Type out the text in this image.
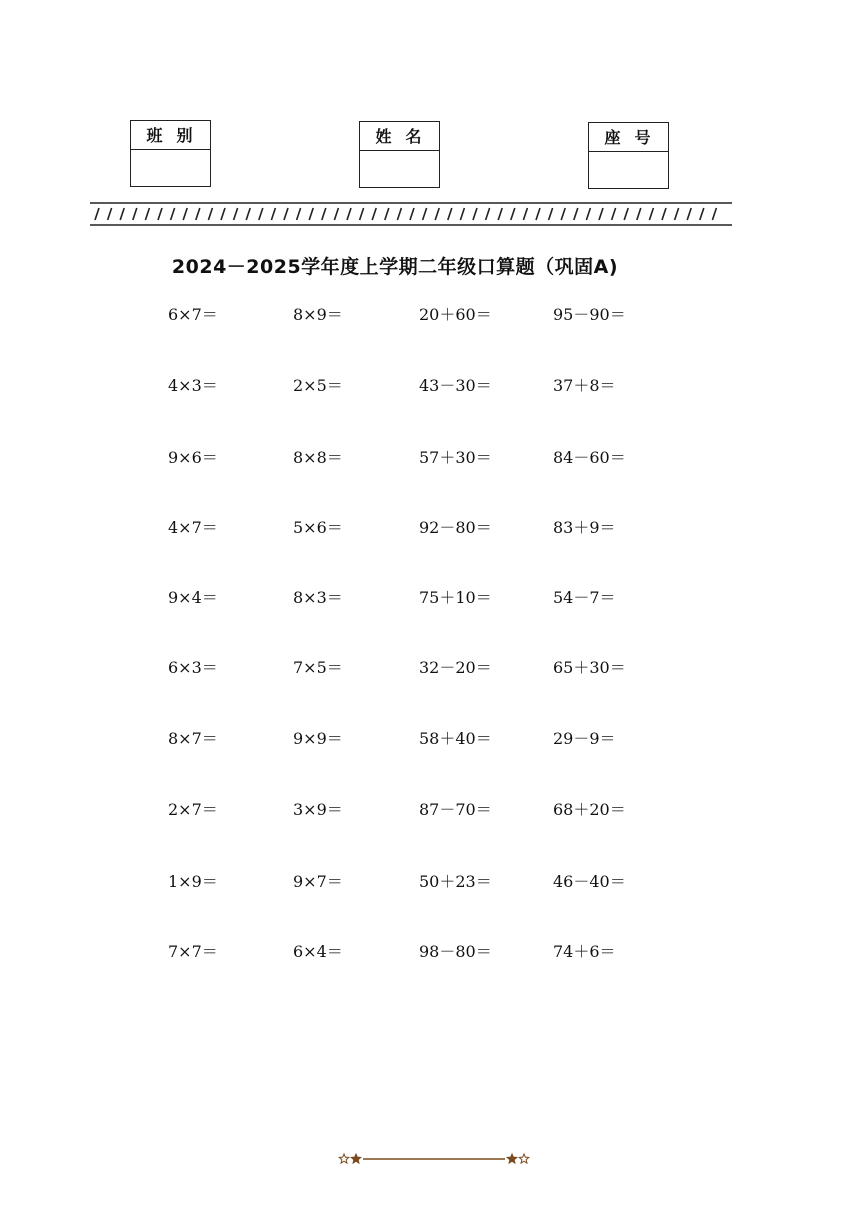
班别	姓名	座号
2024－2025学年度上学期二年级口算题（巩固A)
6×7＝	8×9＝	20＋60＝	95－90＝
4×3＝	2×5＝	43－30＝	37＋8＝
9×6＝	8×8＝	57＋30＝	84－60＝
4×7＝	5×6＝	92－80＝	83＋9＝
9×4＝	8×3＝	75＋10＝	54－7＝
6×3＝	7×5＝	32－20＝	65＋30＝
8×7＝	9×9＝	58＋40＝	29－9＝
2×7＝	3×9＝	87－70＝	68＋20＝
1×9＝	9×7＝	50＋23＝	46－40＝
7×7＝	6×4＝	98－80＝	74＋6＝
